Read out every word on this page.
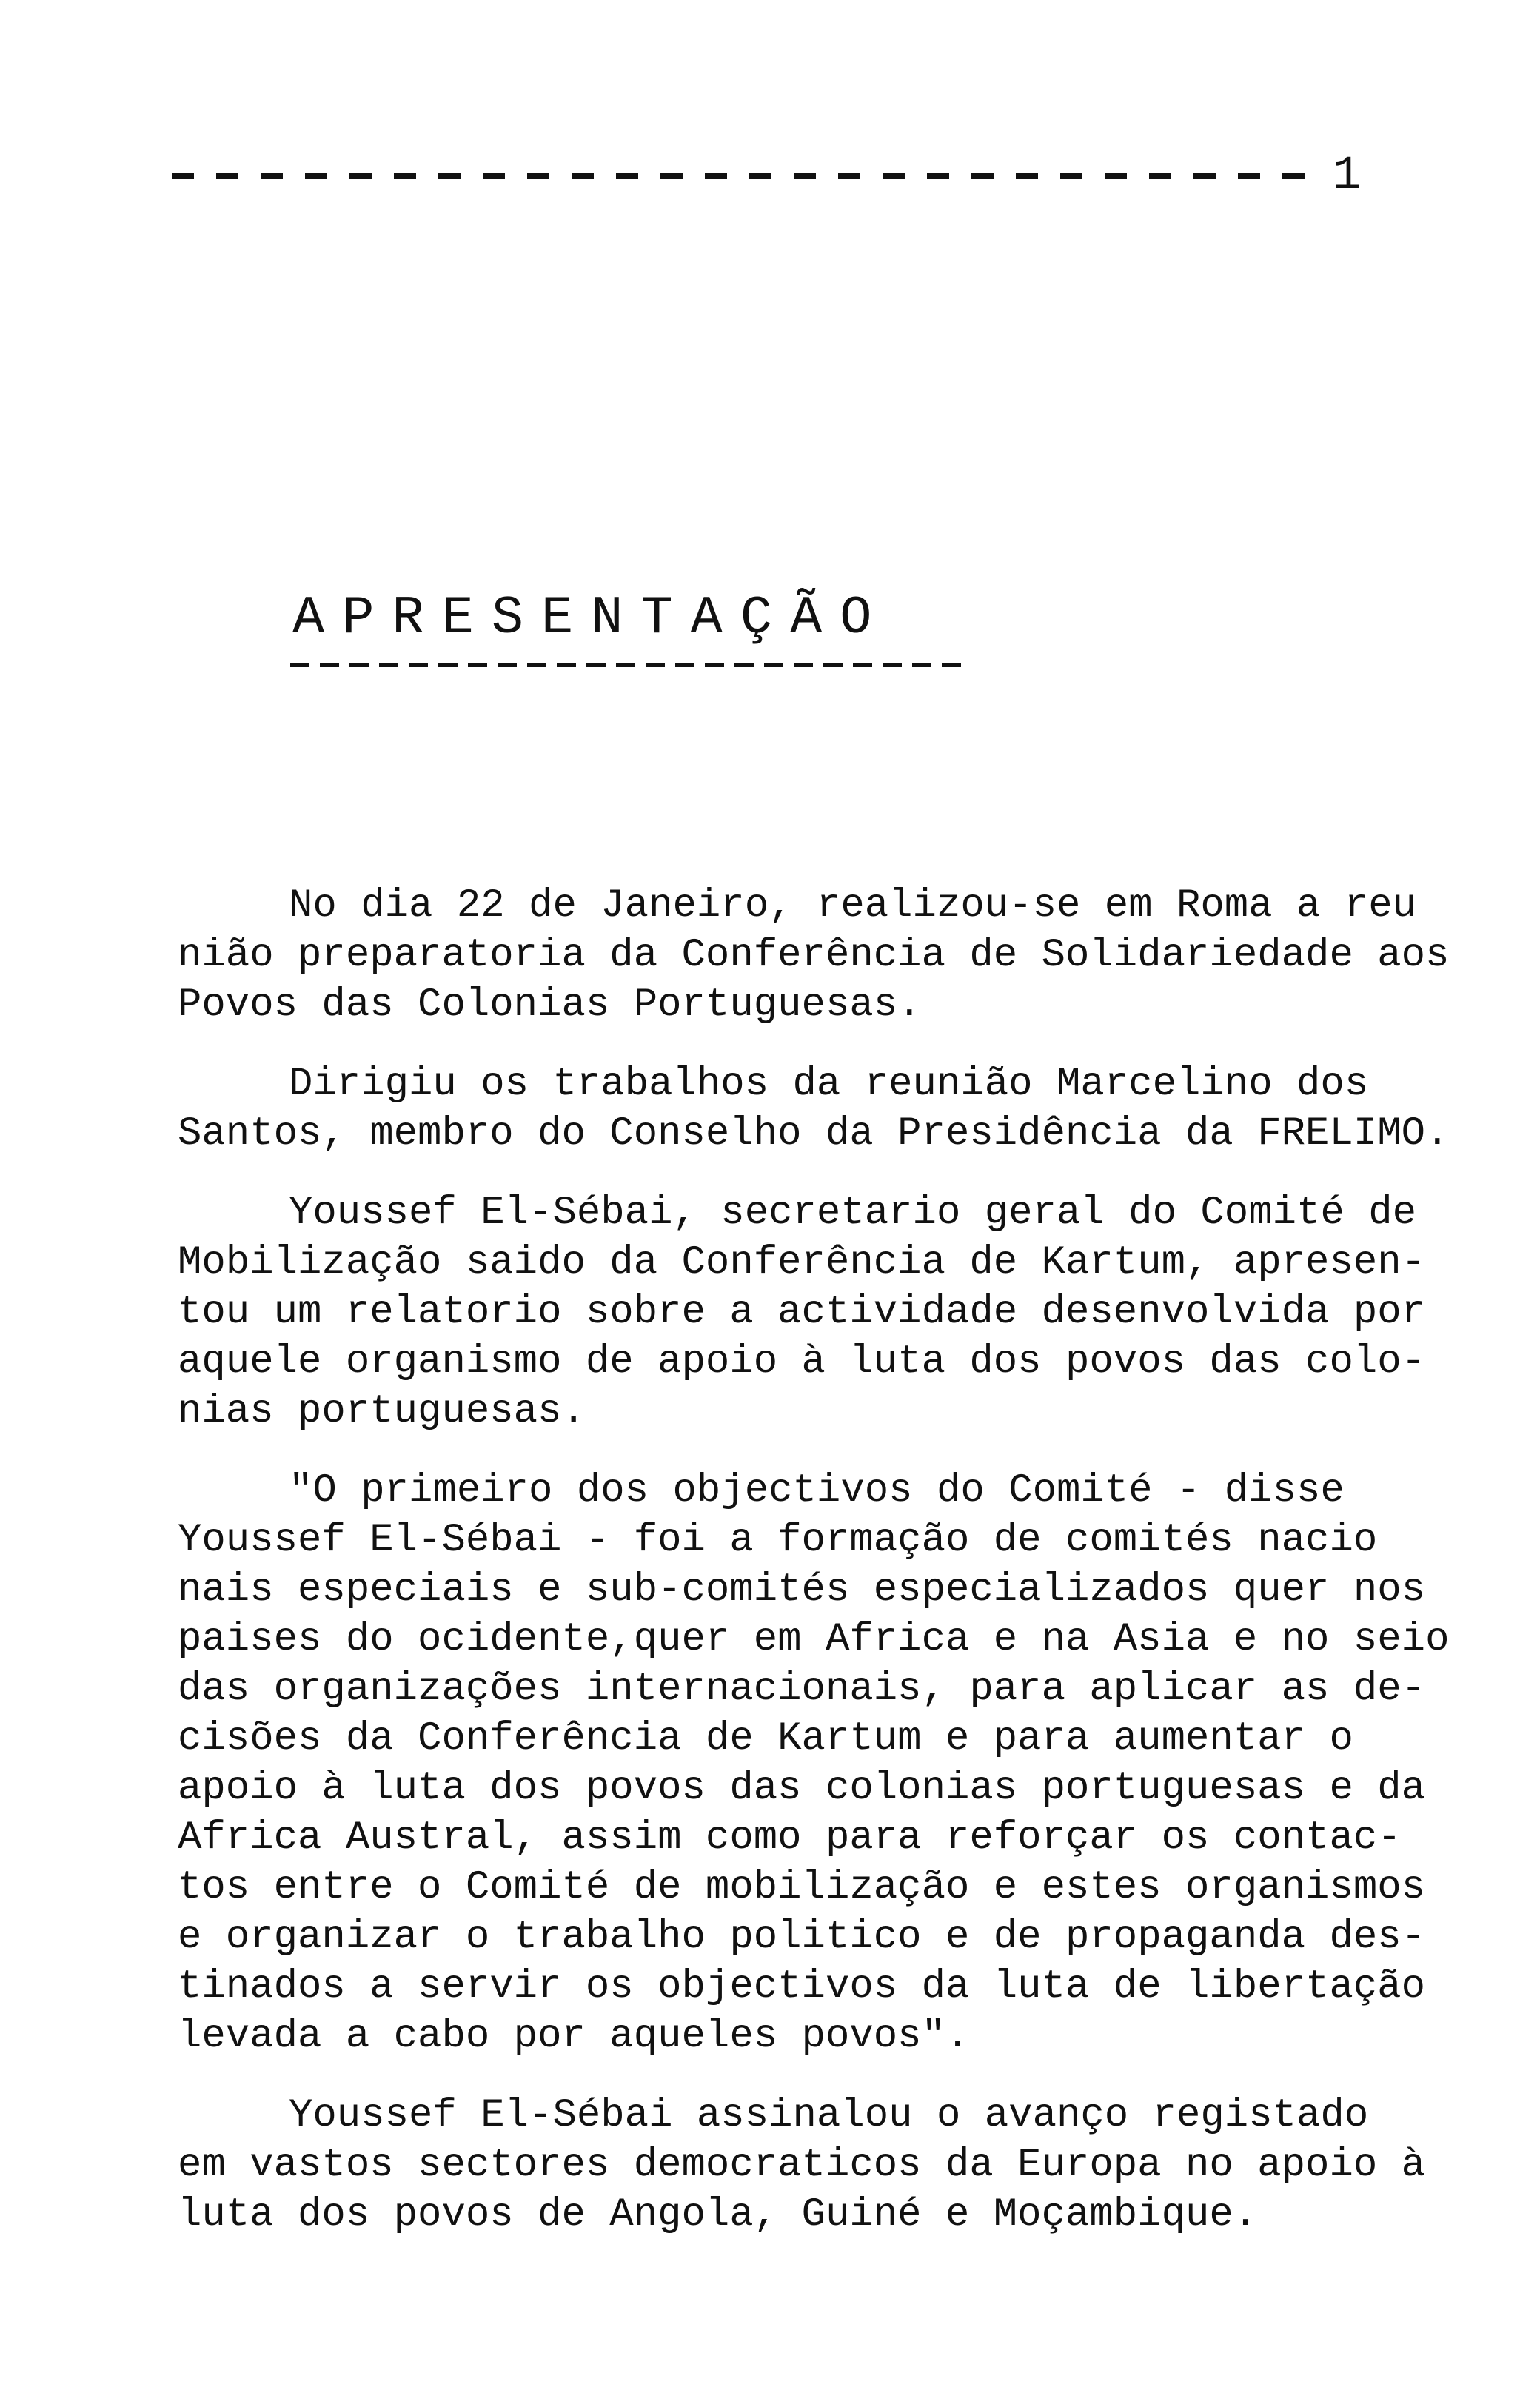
1
APRESENTAÇÃO
No dia 22 de Janeiro, realizou-se em Roma a reu
nião preparatoria da Conferência de Solidariedade aos
Povos das Colonias Portuguesas.
Dirigiu os trabalhos da reunião Marcelino dos
Santos, membro do Conselho da Presidência da FRELIMO.
Youssef El-Sébai, secretario geral do Comité de
Mobilização saido da Conferência de Kartum, apresen-
tou um relatorio sobre a actividade desenvolvida por
aquele organismo de apoio à luta dos povos das colo-
nias portuguesas.
"O primeiro dos objectivos do Comité - disse
Youssef El-Sébai - foi a formação de comités nacio
nais especiais e sub-comités especializados quer nos
paises do ocidente,quer em Africa e na Asia e no seio
das organizações internacionais, para aplicar as de-
cisões da Conferência de Kartum e para aumentar o
apoio à luta dos povos das colonias portuguesas e da
Africa Austral, assim como para reforçar os contac-
tos entre o Comité de mobilização e estes organismos
e organizar o trabalho politico e de propaganda des-
tinados a servir os objectivos da luta de libertação
levada a cabo por aqueles povos".
Youssef El-Sébai assinalou o avanço registado
em vastos sectores democraticos da Europa no apoio à
luta dos povos de Angola, Guiné e Moçambique.
